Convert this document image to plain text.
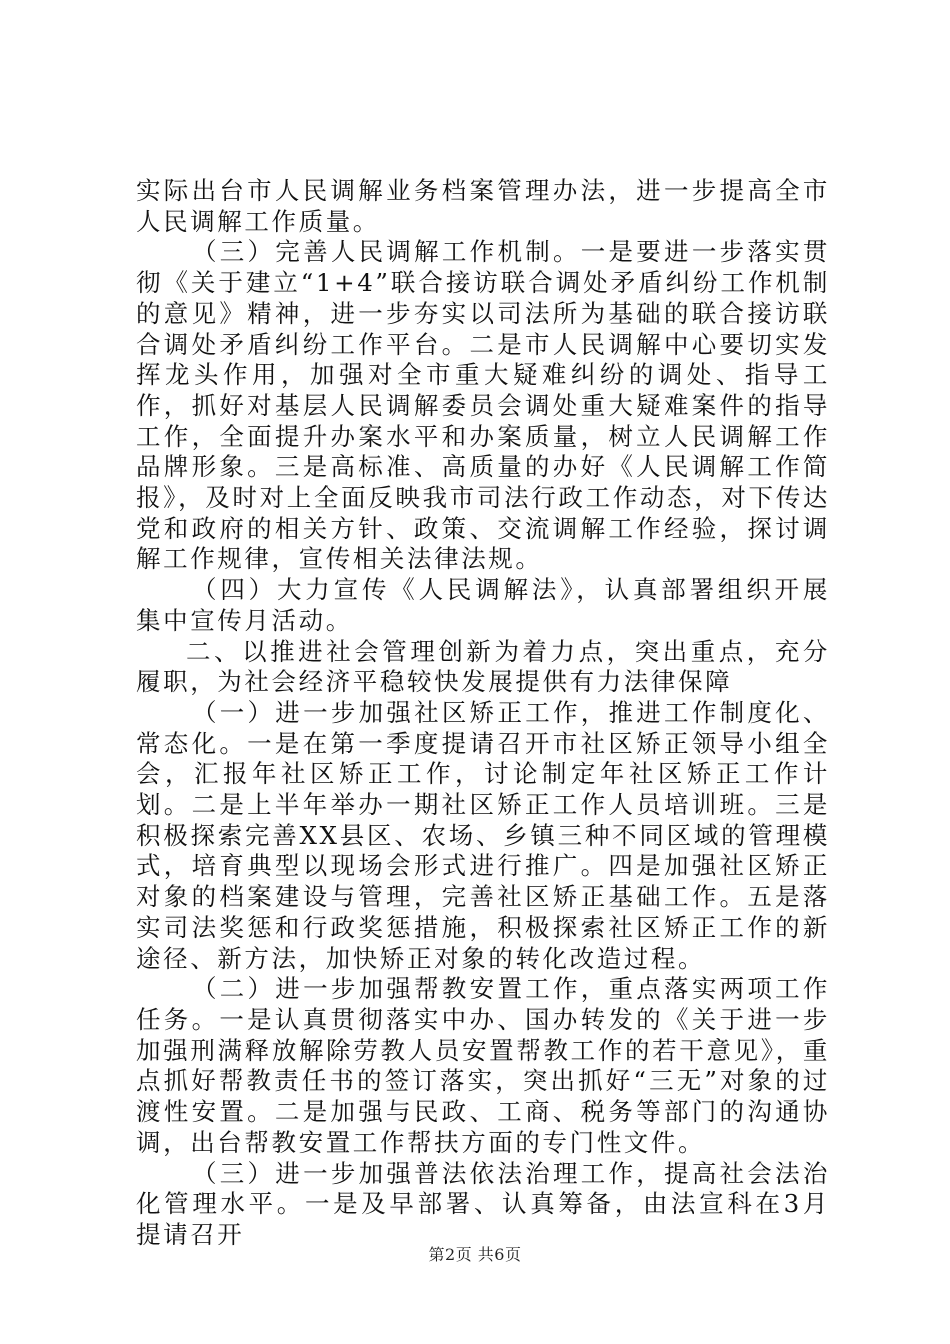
实际出台市人民调解业务档案管理办法，进一步提高全市人民调解工作质量。

（三）完善人民调解工作机制。一是要进一步落实贯彻《关于建立“1+4”联合接访联合调处矛盾纠纷工作机制的意见》精神，进一步夯实以司法所为基础的联合接访联合调处矛盾纠纷工作平台。二是市人民调解中心要切实发挥龙头作用，加强对全市重大疑难纠纷的调处、指导工作，抓好对基层人民调解委员会调处重大疑难案件的指导工作，全面提升办案水平和办案质量，树立人民调解工作品牌形象。三是高标准、高质量的办好《人民调解工作简报》，及时对上全面反映我市司法行政工作动态，对下传达党和政府的相关方针、政策、交流调解工作经验，探讨调解工作规律，宣传相关法律法规。

（四）大力宣传《人民调解法》，认真部署组织开展集中宣传月活动。

二、以推进社会管理创新为着力点，突出重点，充分履职，为社会经济平稳较快发展提供有力法律保障

（一）进一步加强社区矫正工作，推进工作制度化、常态化。一是在第一季度提请召开市社区矫正领导小组全会，汇报年社区矫正工作，讨论制定年社区矫正工作计划。二是上半年举办一期社区矫正工作人员培训班。三是积极探索完善XX县区、农场、乡镇三种不同区域的管理模式，培育典型以现场会形式进行推广。四是加强社区矫正对象的档案建设与管理，完善社区矫正基础工作。五是落实司法奖惩和行政奖惩措施，积极探索社区矫正工作的新途径、新方法，加快矫正对象的转化改造过程。

（二）进一步加强帮教安置工作，重点落实两项工作任务。一是认真贯彻落实中办、国办转发的《关于进一步加强刑满释放解除劳教人员安置帮教工作的若干意见》，重点抓好帮教责任书的签订落实，突出抓好“三无”对象的过渡性安置。二是加强与民政、工商、税务等部门的沟通协调，出台帮教安置工作帮扶方面的专门性文件。

（三）进一步加强普法依法治理工作，提高社会法治化管理水平。一是及早部署、认真筹备，由法宣科在3月提请召开

第2页 共6页
